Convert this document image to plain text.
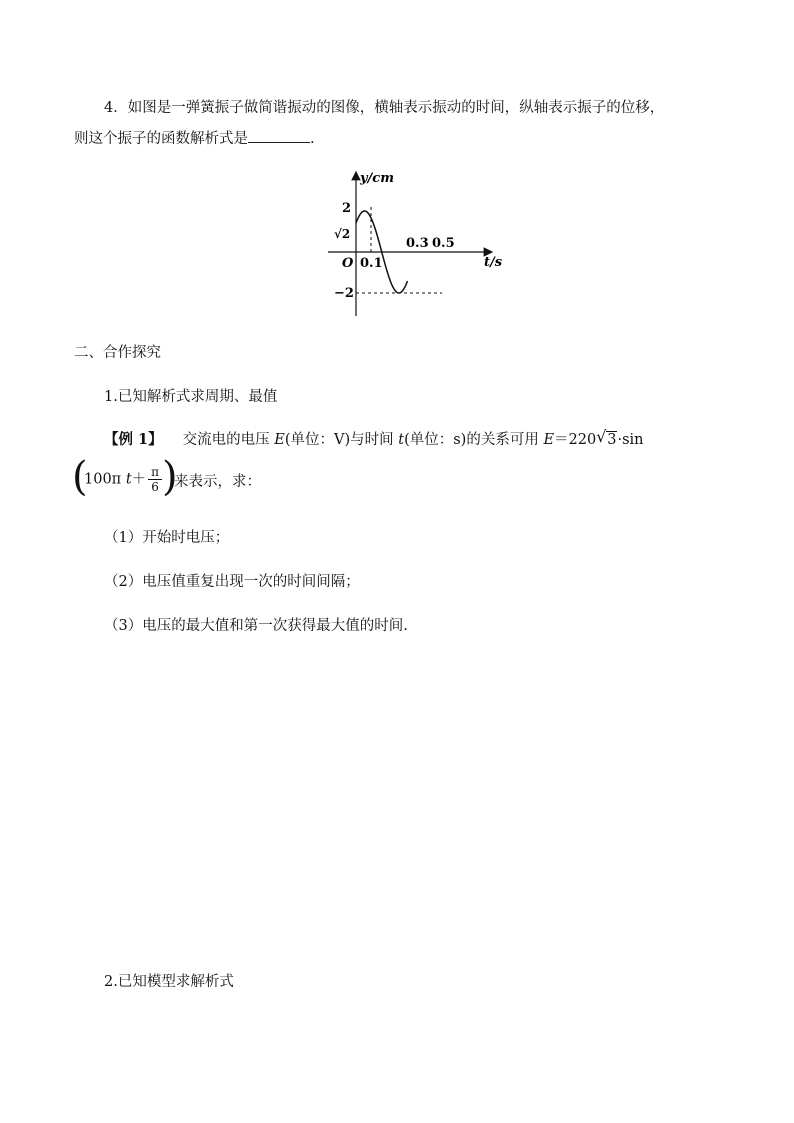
4．如图是一弹簧振子做简谐振动的图像，横轴表示振动的时间，纵轴表示振子的位移，
则这个振子的函数解析式是	.
y/cm
t/s
O
2
√2
−2
0.1
0.3 0.5
二、合作探究
1.已知解析式求周期、最值
【例 1】 交流电的电压 E(单位：V)与时间 t(单位：s)的关系可用 E＝220 √ 3·sin
(
100π $t+ \frac{\pi}{6}$ )
来表示，求：
（1）开始时电压；
（2）电压值重复出现一次的时间间隔；
（3）电压的最大值和第一次获得最大值的时间.
2.已知模型求解析式
